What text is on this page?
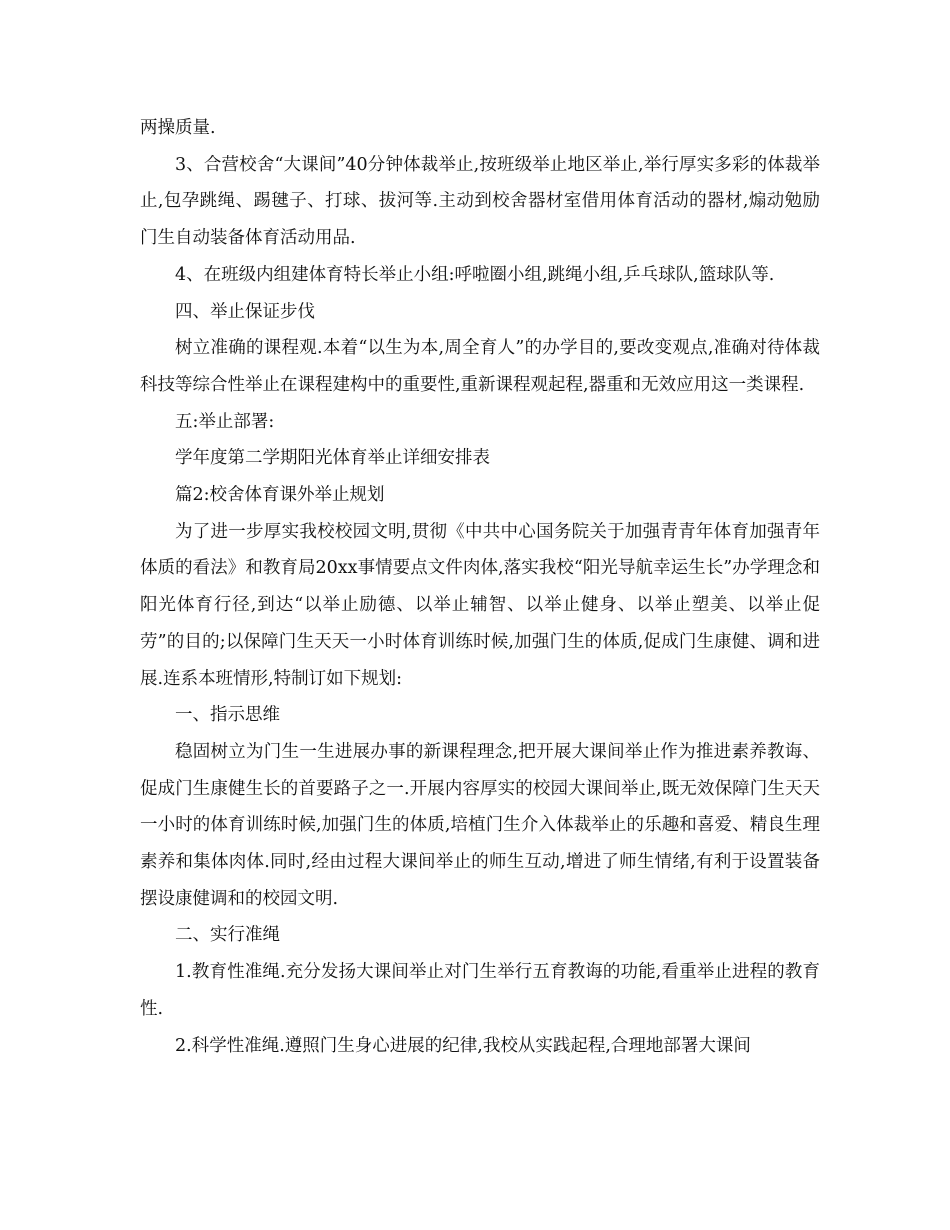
两操质量.

3、合营校舍“大课间”40分钟体裁举止,按班级举止地区举止,举行厚实多彩的体裁举止,包孕跳绳、踢毽子、打球、拔河等.主动到校舍器材室借用体育活动的器材,煽动勉励门生自动装备体育活动用品.

4、在班级内组建体育特长举止小组:呼啦圈小组,跳绳小组,乒乓球队,篮球队等.

四、举止保证步伐

树立准确的课程观.本着“以生为本,周全育人”的办学目的,要改变观点,准确对待体裁科技等综合性举止在课程建构中的重要性,重新课程观起程,器重和无效应用这一类课程.

五:举止部署:

学年度第二学期阳光体育举止详细安排表

篇2:校舍体育课外举止规划

为了进一步厚实我校校园文明,贯彻《中共中心国务院关于加强青青年体育加强青年体质的看法》和教育局20xx事情要点文件肉体,落实我校“阳光导航幸运生长”办学理念和阳光体育行径,到达“以举止励德、以举止辅智、以举止健身、以举止塑美、以举止促劳”的目的;以保障门生天天一小时体育训练时候,加强门生的体质,促成门生康健、调和进展.连系本班情形,特制订如下规划:

一、指示思维

稳固树立为门生一生进展办事的新课程理念,把开展大课间举止作为推进素养教诲、促成门生康健生长的首要路子之一.开展内容厚实的校园大课间举止,既无效保障门生天天一小时的体育训练时候,加强门生的体质,培植门生介入体裁举止的乐趣和喜爱、精良生理素养和集体肉体.同时,经由过程大课间举止的师生互动,增进了师生情绪,有利于设置装备摆设康健调和的校园文明.

二、实行准绳

1.教育性准绳.充分发扬大课间举止对门生举行五育教诲的功能,看重举止进程的教育性.

2.科学性准绳.遵照门生身心进展的纪律,我校从实践起程,合理地部署大课间
